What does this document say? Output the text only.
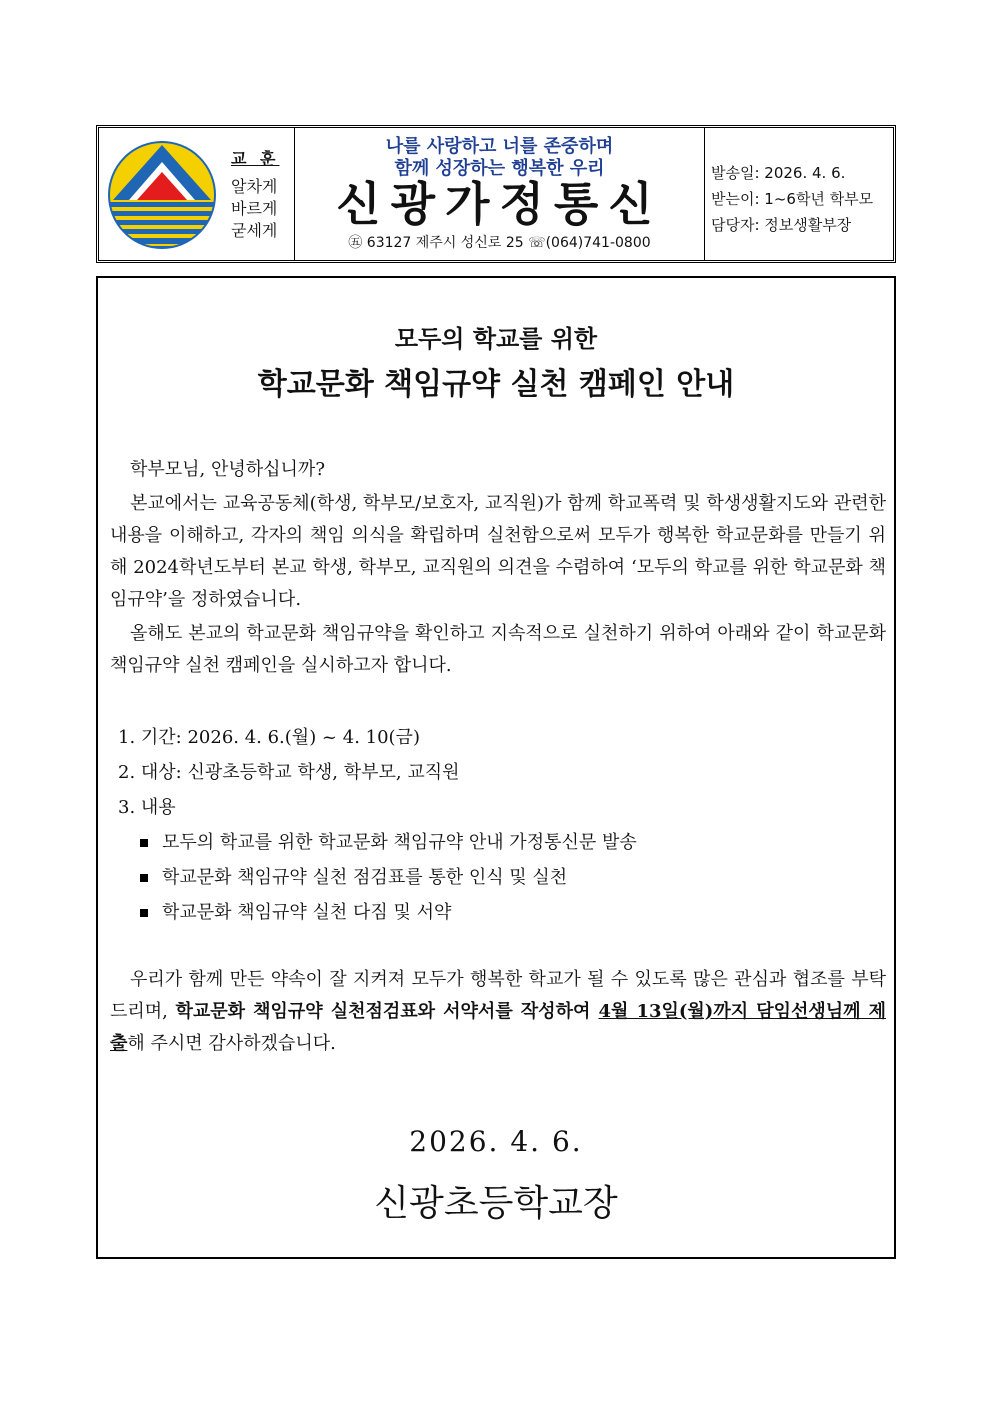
교 훈
알차게
바르게
굳세게
나를 사랑하고 너를 존중하며
함께 성장하는 행복한 우리
신광가정통신
㊄ 63127 제주시 성신로 25 ☏(064)741-0800
발송일: 2026. 4. 6.
받는이: 1~6학년 학부모
담당자: 정보생활부장
모두의 학교를 위한
학교문화 책임규약 실천 캠페인 안내
학부모님, 안녕하십니까?
본교에서는 교육공동체(학생, 학부모/보호자, 교직원)가 함께 학교폭력 및 학생생활지도와 관련한 내용을 이해하고, 각자의 책임 의식을 확립하며 실천함으로써 모두가 행복한 학교문화를 만들기 위해 2024학년도부터 본교 학생, 학부모, 교직원의 의견을 수렴하여 ‘모두의 학교를 위한 학교문화 책임규약’을 정하였습니다.
올해도 본교의 학교문화 책임규약을 확인하고 지속적으로 실천하기 위하여 아래와 같이 학교문화 책임규약 실천 캠페인을 실시하고자 합니다.
1. 기간: 2026. 4. 6.(월) ~ 4. 10(금)
2. 대상: 신광초등학교 학생, 학부모, 교직원
3. 내용
모두의 학교를 위한 학교문화 책임규약 안내 가정통신문 발송
학교문화 책임규약 실천 점검표를 통한 인식 및 실천
학교문화 책임규약 실천 다짐 및 서약
우리가 함께 만든 약속이 잘 지켜져 모두가 행복한 학교가 될 수 있도록 많은 관심과 협조를 부탁드리며, 학교문화 책임규약 실천점검표와 서약서를 작성하여 4월 13일(월)까지 담임선생님께 제출해 주시면 감사하겠습니다.
2026. 4. 6.
신광초등학교장
